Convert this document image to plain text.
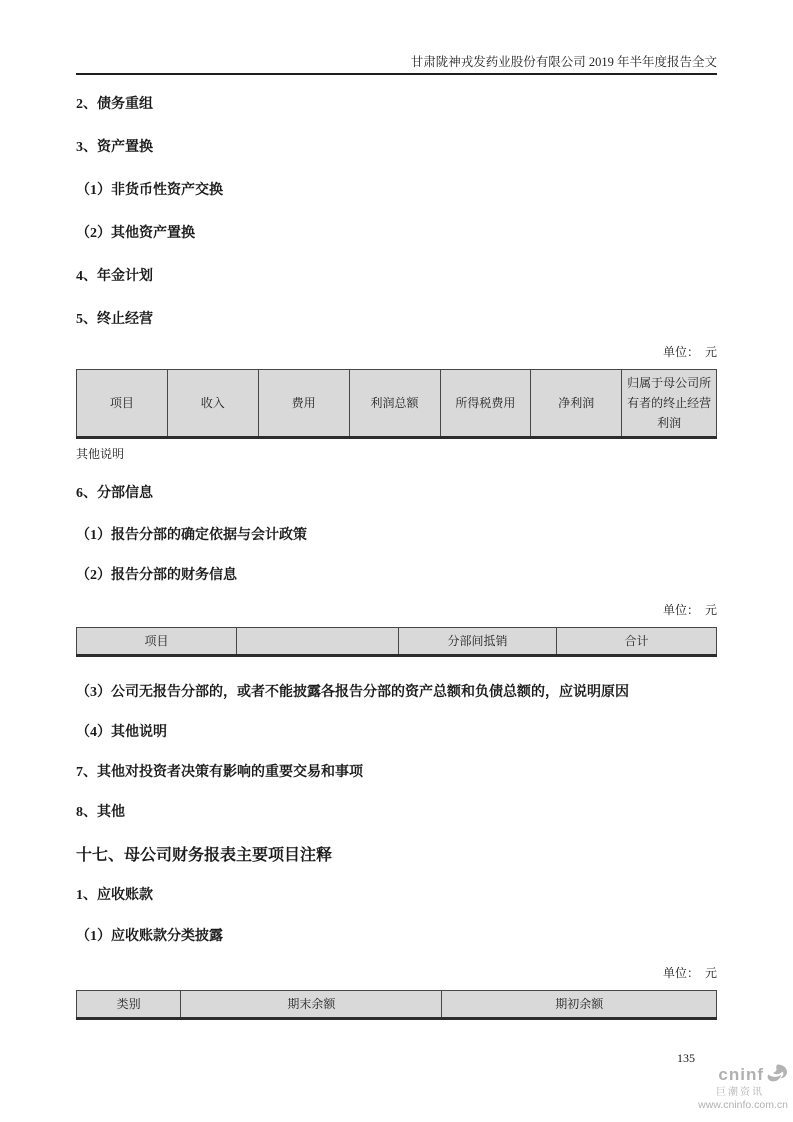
甘肃陇神戎发药业股份有限公司 2019 年半年度报告全文

2、债务重组

3、资产置换

（1）非货币性资产交换

（2）其他资产置换

4、年金计划

5、终止经营

单位：　元

项目	收入	费用	利润总额	所得税费用	净利润	归属于母公司所有者的终止经营利润

其他说明

6、分部信息

（1）报告分部的确定依据与会计政策

（2）报告分部的财务信息

单位：　元

项目		分部间抵销	合计

（3）公司无报告分部的，或者不能披露各报告分部的资产总额和负债总额的，应说明原因

（4）其他说明

7、其他对投资者决策有影响的重要交易和事项

8、其他

十七、母公司财务报表主要项目注释

1、应收账款

（1）应收账款分类披露

单位：　元

类别	期末余额	期初余额

135

cninf
巨潮资讯
www.cninfo.com.cn
